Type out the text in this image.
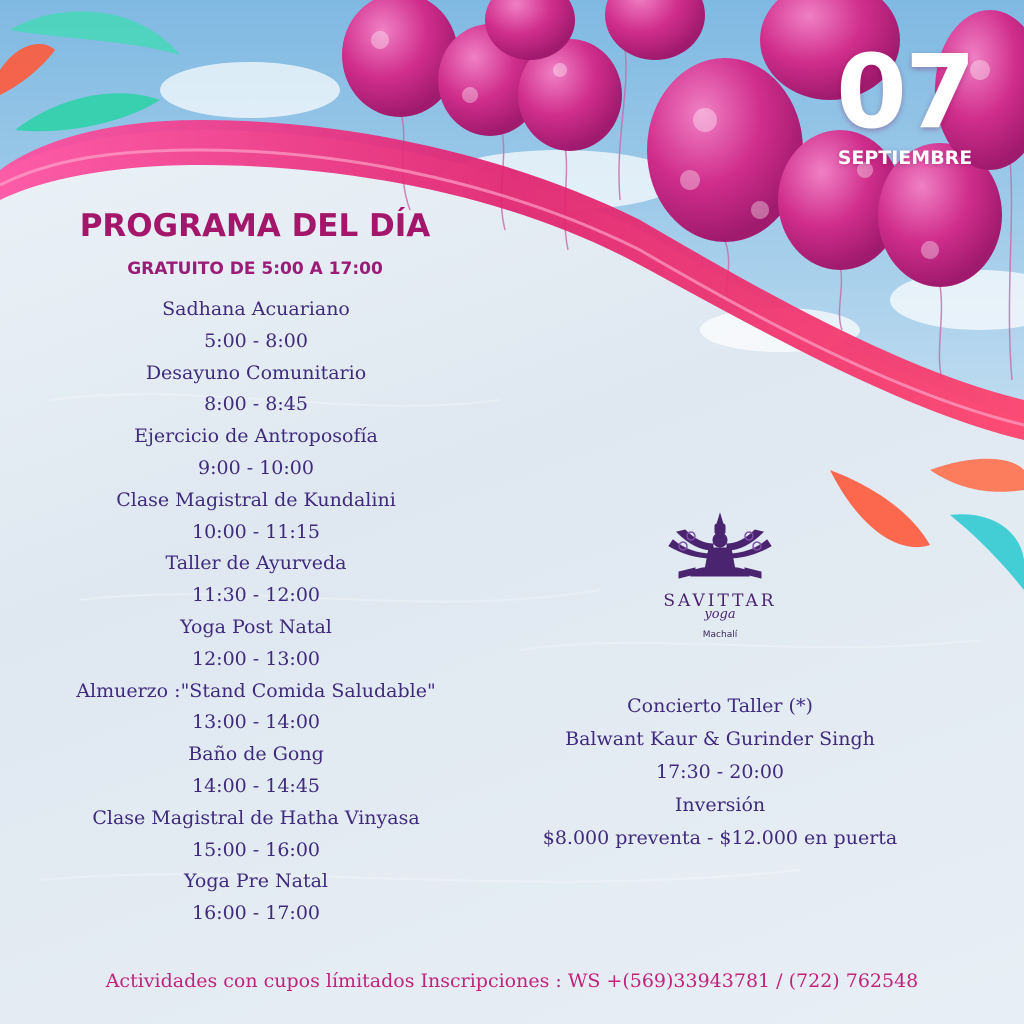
07
SEPTIEMBRE
PROGRAMA DEL DÍA
GRATUITO DE 5:00 A 17:00
Sadhana Acuariano
5:00 - 8:00
Desayuno Comunitario
8:00 - 8:45
Ejercicio de Antroposofía
9:00 - 10:00
Clase Magistral de Kundalini
10:00 - 11:15
Taller de Ayurveda
11:30 - 12:00
Yoga Post Natal
12:00 - 13:00
Almuerzo :"Stand Comida Saludable"
13:00 - 14:00
Baño de Gong
14:00 - 14:45
Clase Magistral de Hatha Vinyasa
15:00 - 16:00
Yoga Pre Natal
16:00 - 17:00
SAVITTAR
yoga
Machalí
Concierto Taller (*)
Balwant Kaur & Gurinder Singh
17:30 - 20:00
Inversión
$8.000 preventa - $12.000 en puerta
Actividades con cupos límitados Inscripciones : WS +(569)33943781 / (722) 762548
